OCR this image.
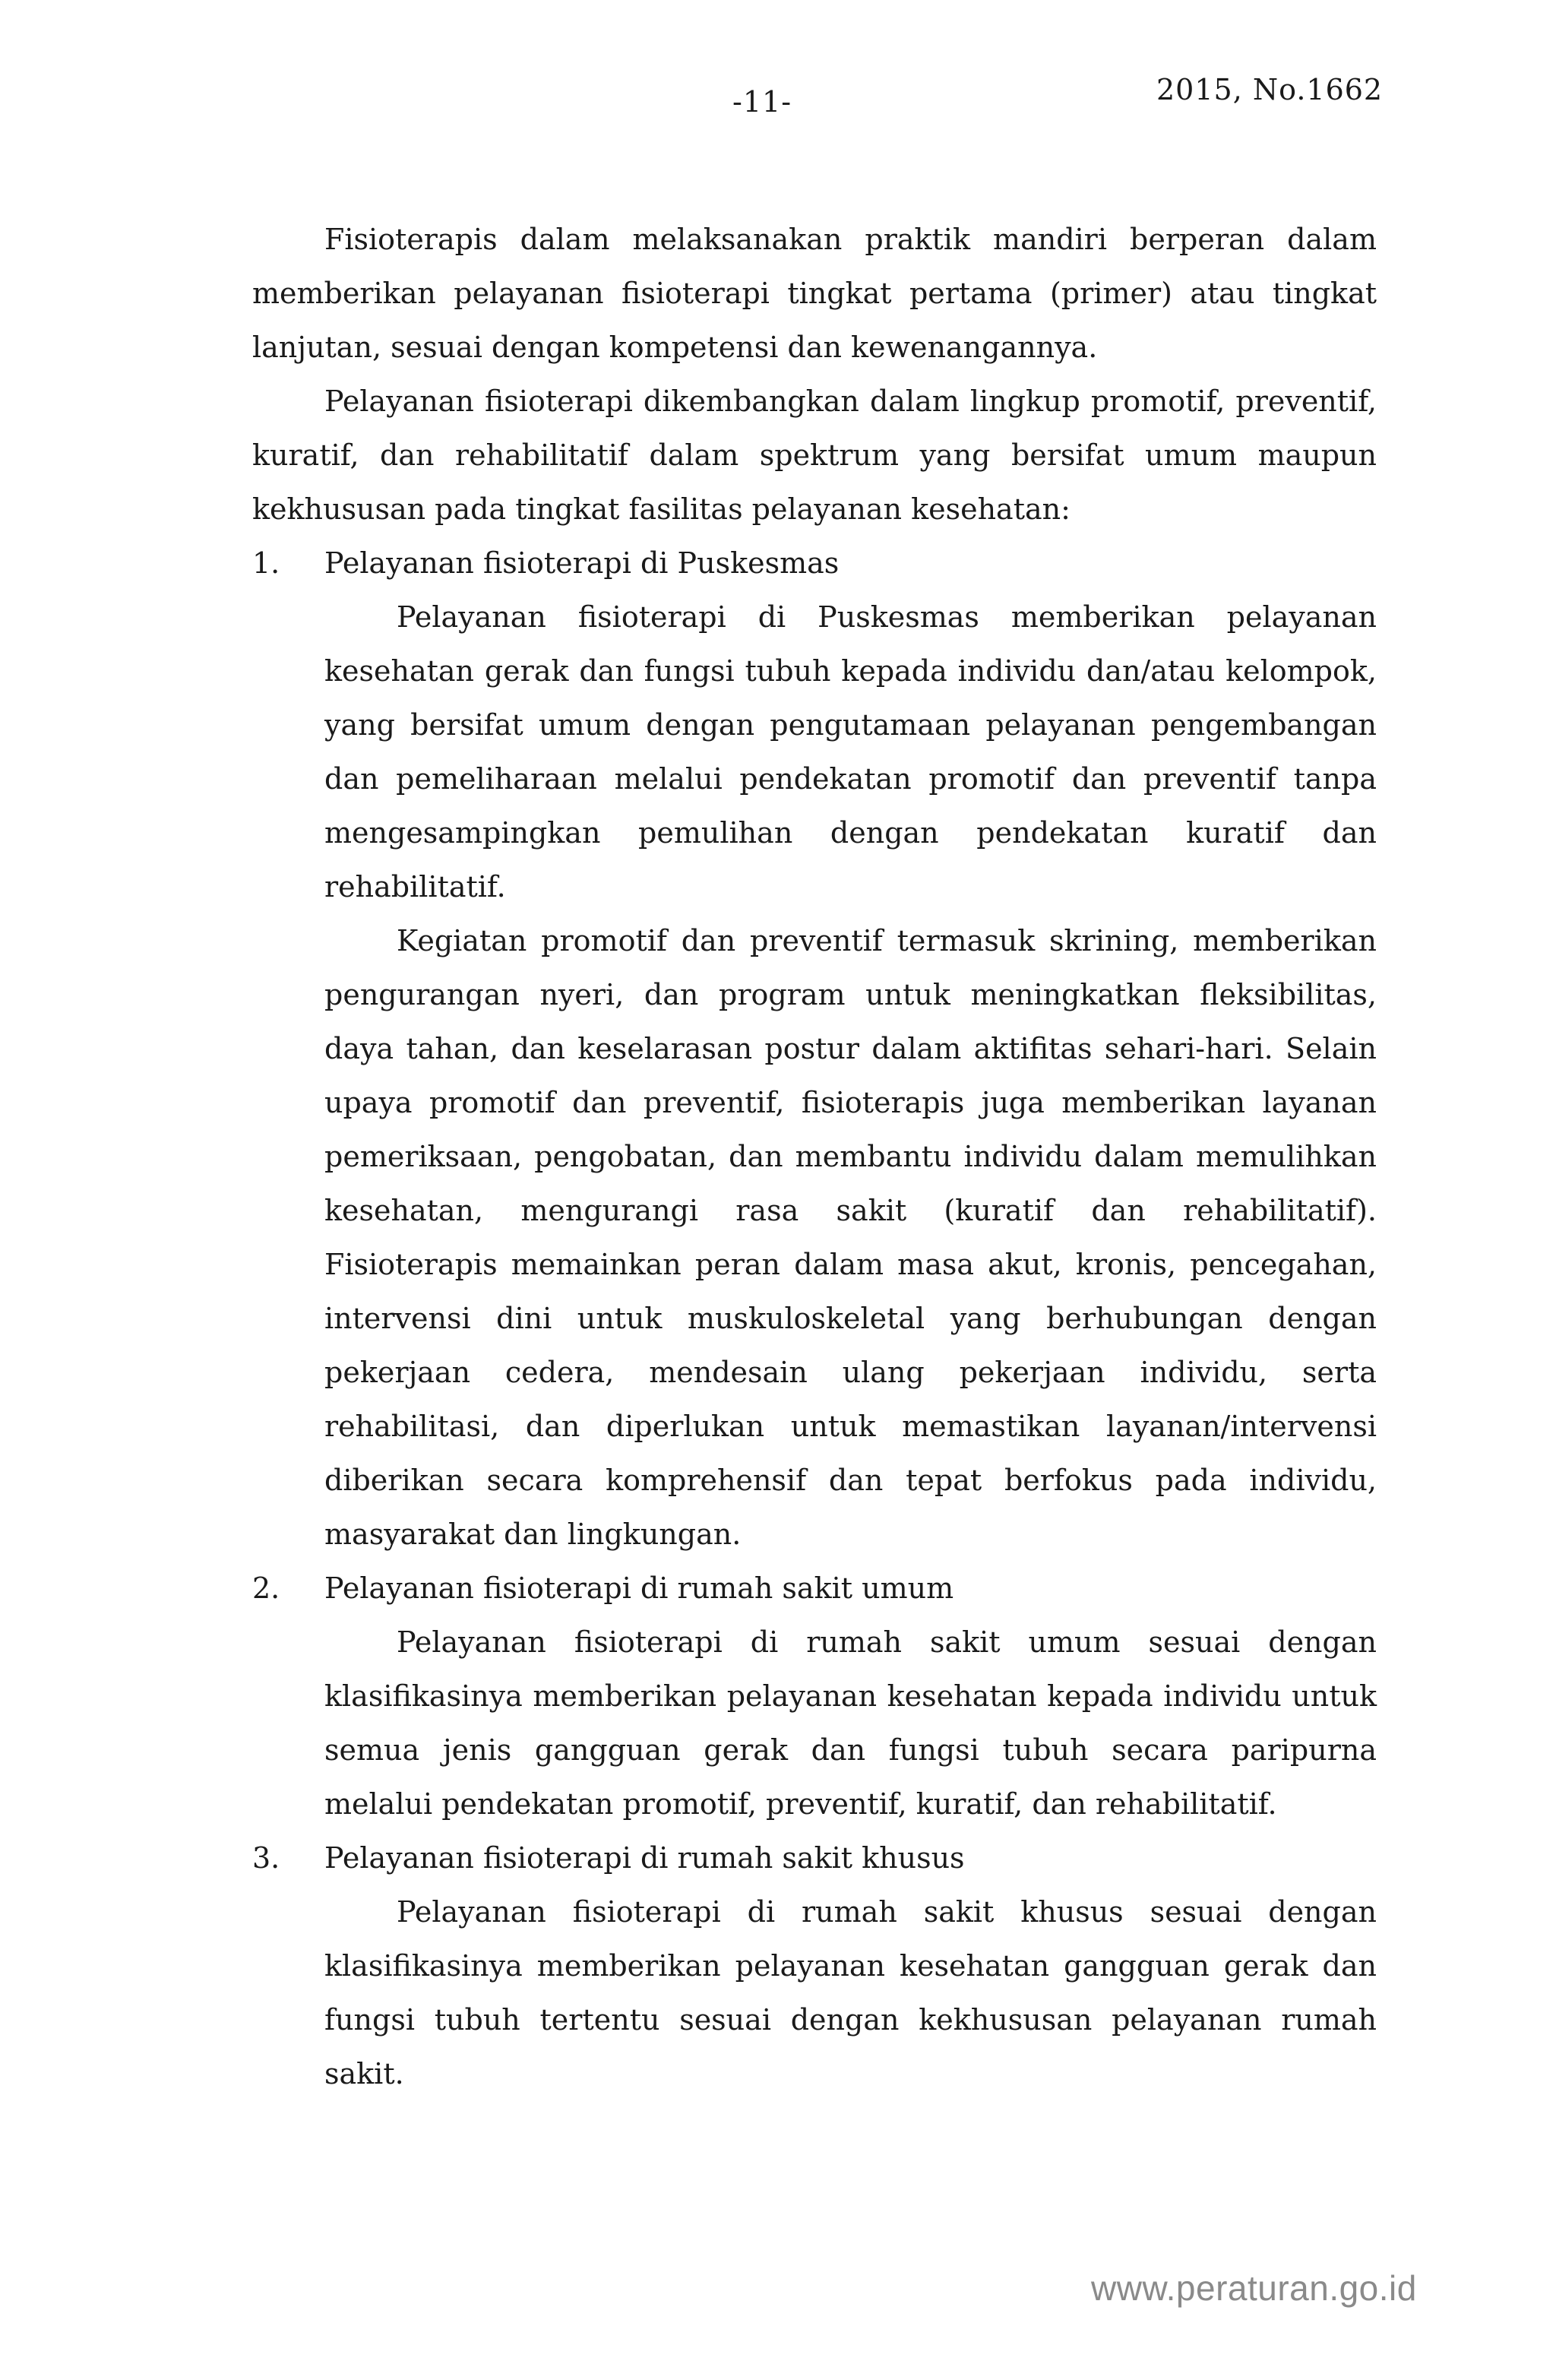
-11-	2015, No.1662

Fisioterapis dalam melaksanakan praktik mandiri berperan dalam memberikan pelayanan fisioterapi tingkat pertama (primer) atau tingkat lanjutan, sesuai dengan kompetensi dan kewenangannya.

Pelayanan fisioterapi dikembangkan dalam lingkup promotif, preventif, kuratif, dan rehabilitatif dalam spektrum yang bersifat umum maupun kekhususan pada tingkat fasilitas pelayanan kesehatan:

1. Pelayanan fisioterapi di Puskesmas

Pelayanan fisioterapi di Puskesmas memberikan pelayanan kesehatan gerak dan fungsi tubuh kepada individu dan/atau kelompok, yang bersifat umum dengan pengutamaan pelayanan pengembangan dan pemeliharaan melalui pendekatan promotif dan preventif tanpa mengesampingkan pemulihan dengan pendekatan kuratif dan rehabilitatif.

Kegiatan promotif dan preventif termasuk skrining, memberikan pengurangan nyeri, dan program untuk meningkatkan fleksibilitas, daya tahan, dan keselarasan postur dalam aktifitas sehari-hari. Selain upaya promotif dan preventif, fisioterapis juga memberikan layanan pemeriksaan, pengobatan, dan membantu individu dalam memulihkan kesehatan, mengurangi rasa sakit (kuratif dan rehabilitatif). Fisioterapis memainkan peran dalam masa akut, kronis, pencegahan, intervensi dini untuk muskuloskeletal yang berhubungan dengan pekerjaan cedera, mendesain ulang pekerjaan individu, serta rehabilitasi, dan diperlukan untuk memastikan layanan/intervensi diberikan secara komprehensif dan tepat berfokus pada individu, masyarakat dan lingkungan.

2. Pelayanan fisioterapi di rumah sakit umum

Pelayanan fisioterapi di rumah sakit umum sesuai dengan klasifikasinya memberikan pelayanan kesehatan kepada individu untuk semua jenis gangguan gerak dan fungsi tubuh secara paripurna melalui pendekatan promotif, preventif, kuratif, dan rehabilitatif.

3. Pelayanan fisioterapi di rumah sakit khusus

Pelayanan fisioterapi di rumah sakit khusus sesuai dengan klasifikasinya memberikan pelayanan kesehatan gangguan gerak dan fungsi tubuh tertentu sesuai dengan kekhususan pelayanan rumah sakit.

www.peraturan.go.id
